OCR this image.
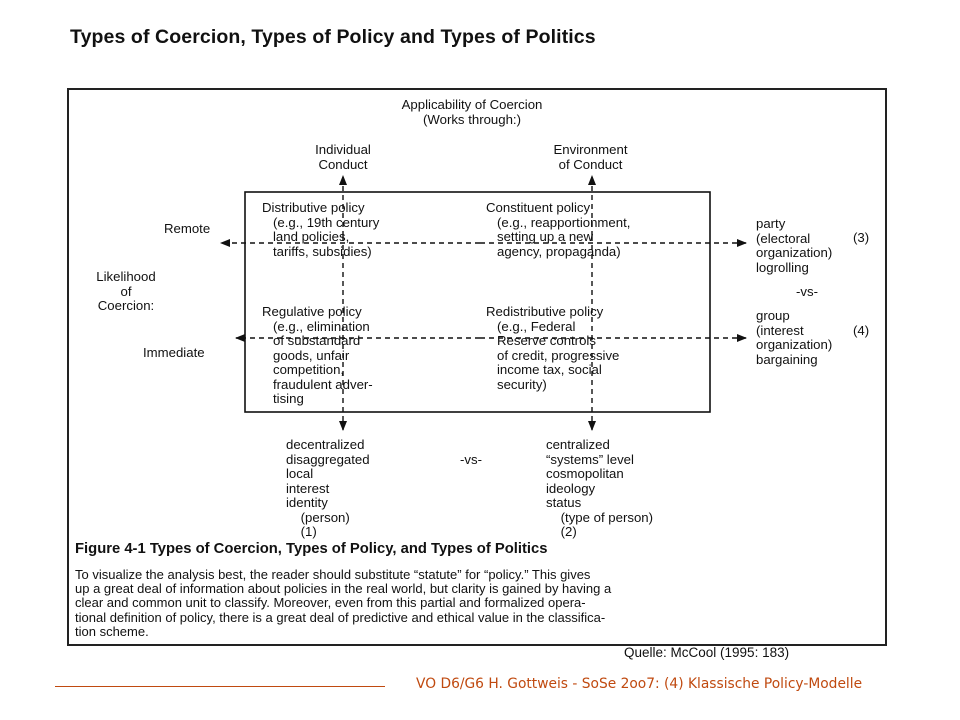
Types of Coercion, Types of Policy and Types of Politics
Applicability of Coercion
(Works through:)
Individual
Conduct
Environment
of Conduct
Remote
Likelihood
of
Coercion:
Immediate
Distributive policy
(e.g., 19th century
land policies,
tariffs, subsidies)
Constituent policy
(e.g., reapportionment,
setting up a new
agency, propaganda)
Regulative policy
(e.g., elimination
of substandard
goods, unfair
competition,
fraudulent adver-
tising
Redistributive policy
(e.g., Federal
Reserve controls
of credit, progressive
income tax, social
security)
party
(electoral
organization)
logrolling
(3)
-vs-
group
(interest
organization)
bargaining
(4)
decentralized
disaggregated
local
interest
identity
(person)
(1)
-vs-
centralized
“systems” level
cosmopolitan
ideology
status
(type of person)
(2)
Figure 4-1 Types of Coercion, Types of Policy, and Types of Politics
To visualize the analysis best, the reader should substitute “statute” for “policy.” This gives
up a great deal of information about policies in the real world, but clarity is gained by having a
clear and common unit to classify. Moreover, even from this partial and formalized opera-
tional definition of policy, there is a great deal of predictive and ethical value in the classifica-
tion scheme.
Quelle: McCool (1995: 183)
VO D6/G6 H. Gottweis - SoSe 2oo7: (4) Klassische Policy-Modelle
